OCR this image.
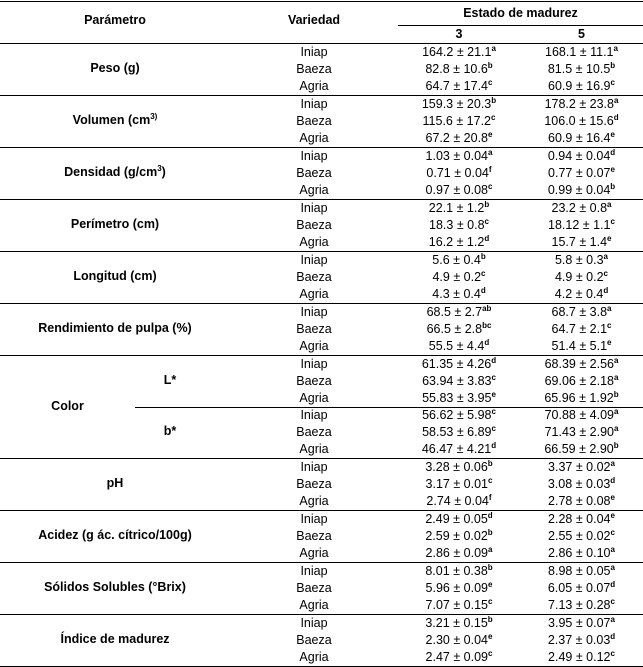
Parámetro	Variedad	Estado de madurez
3	5
Peso (g)
Iniap	164.2 ± 21.1$^a$	168.1 ± 11.1$^a$
Baeza	82.8 ± 10.6$^b$	81.5 ± 10.5$^b$
Agria	64.7 ± 17.4$^c$	60.9 ± 16.9$^c$
Volumen ($cm^{3)}$
Iniap	159.3 ± 20.3$^b$	178.2 ± 23.8$^a$
Baeza	115.6 ± 17.2$^c$	106.0 ± 15.6$^d$
Agria	67.2 ± 20.8$^e$	60.9 ± 16.4$^e$
Densidad $(g/cm^3)$
Iniap	1.03 ± 0.04$^a$	0.94 ± 0.04$^d$
Baeza	0.71 ± 0.04$^f$	0.77 ± 0.07$^e$
Agria	0.97 ± 0.08$^c$	0.99 ± 0.04$^b$
Perímetro (cm)
Iniap	22.1 ± 1.2$^b$	23.2 ± 0.8$^a$
Baeza	18.3 ± 0.8$^c$	18.12 ± 1.1$^c$
Agria	16.2 ± 1.2$^d$	15.7 ± 1.4$^e$
Longitud (cm)
Iniap	5.6 ± 0.4$^b$	5.8 ± 0.3$^a$
Baeza	4.9 ± 0.2$^c$	4.9 ± 0.2$^c$
Agria	4.3 ± 0.4$^d$	4.2 ± 0.4$^d$
Rendimiento de pulpa (%)
Iniap	68.5 ± 2.7$^{ab}$	68.7 ± 3.8$^a$
Baeza	66.5 ± 2.8$^{bc}$	64.7 ± 2.1$^c$
Agria	55.5 ± 4.4$^d$	51.4 ± 5.1$^e$
Color
L*
Iniap	61.35 ± 4.26$^d$	68.39 ± 2.56$^a$
Baeza	63.94 ± 3.83$^c$	69.06 ± 2.18$^a$
Agria	55.83 ± 3.95$^e$	65.96 ± 1.92$^b$
b*
Iniap	56.62 ± 5.98$^c$	70.88 ± 4.09$^a$
Baeza	58.53 ± 6.89$^c$	71.43 ± 2.90$^a$
Agria	46.47 ± 4.21$^d$	66.59 ± 2.90$^b$
pH
Iniap	3.28 ± 0.06$^b$	3.37 ± 0.02$^a$
Baeza	3.17 ± 0.01$^c$	3.08 ± 0.03$^d$
Agria	2.74 ± 0.04$^f$	2.78 ± 0.08$^e$
Acidez (g ác. cítrico/100g)
Iniap	2.49 ± 0.05$^d$	2.28 ± 0.04$^e$
Baeza	2.59 ± 0.02$^b$	2.55 ± 0.02$^c$
Agria	2.86 ± 0.09$^a$	2.86 ± 0.10$^a$
Sólidos Solubles (°Brix)
Iniap	8.01 ± 0.38$^b$	8.98 ± 0.05$^a$
Baeza	5.96 ± 0.09$^e$	6.05 ± 0.07$^d$
Agria	7.07 ± 0.15$^c$	7.13 ± 0.28$^c$
Índice de madurez
Iniap	3.21 ± 0.15$^b$	3.95 ± 0.07$^a$
Baeza	2.30 ± 0.04$^e$	2.37 ± 0.03$^d$
Agria	2.47 ± 0.09$^c$	2.49 ± 0.12$^c$
